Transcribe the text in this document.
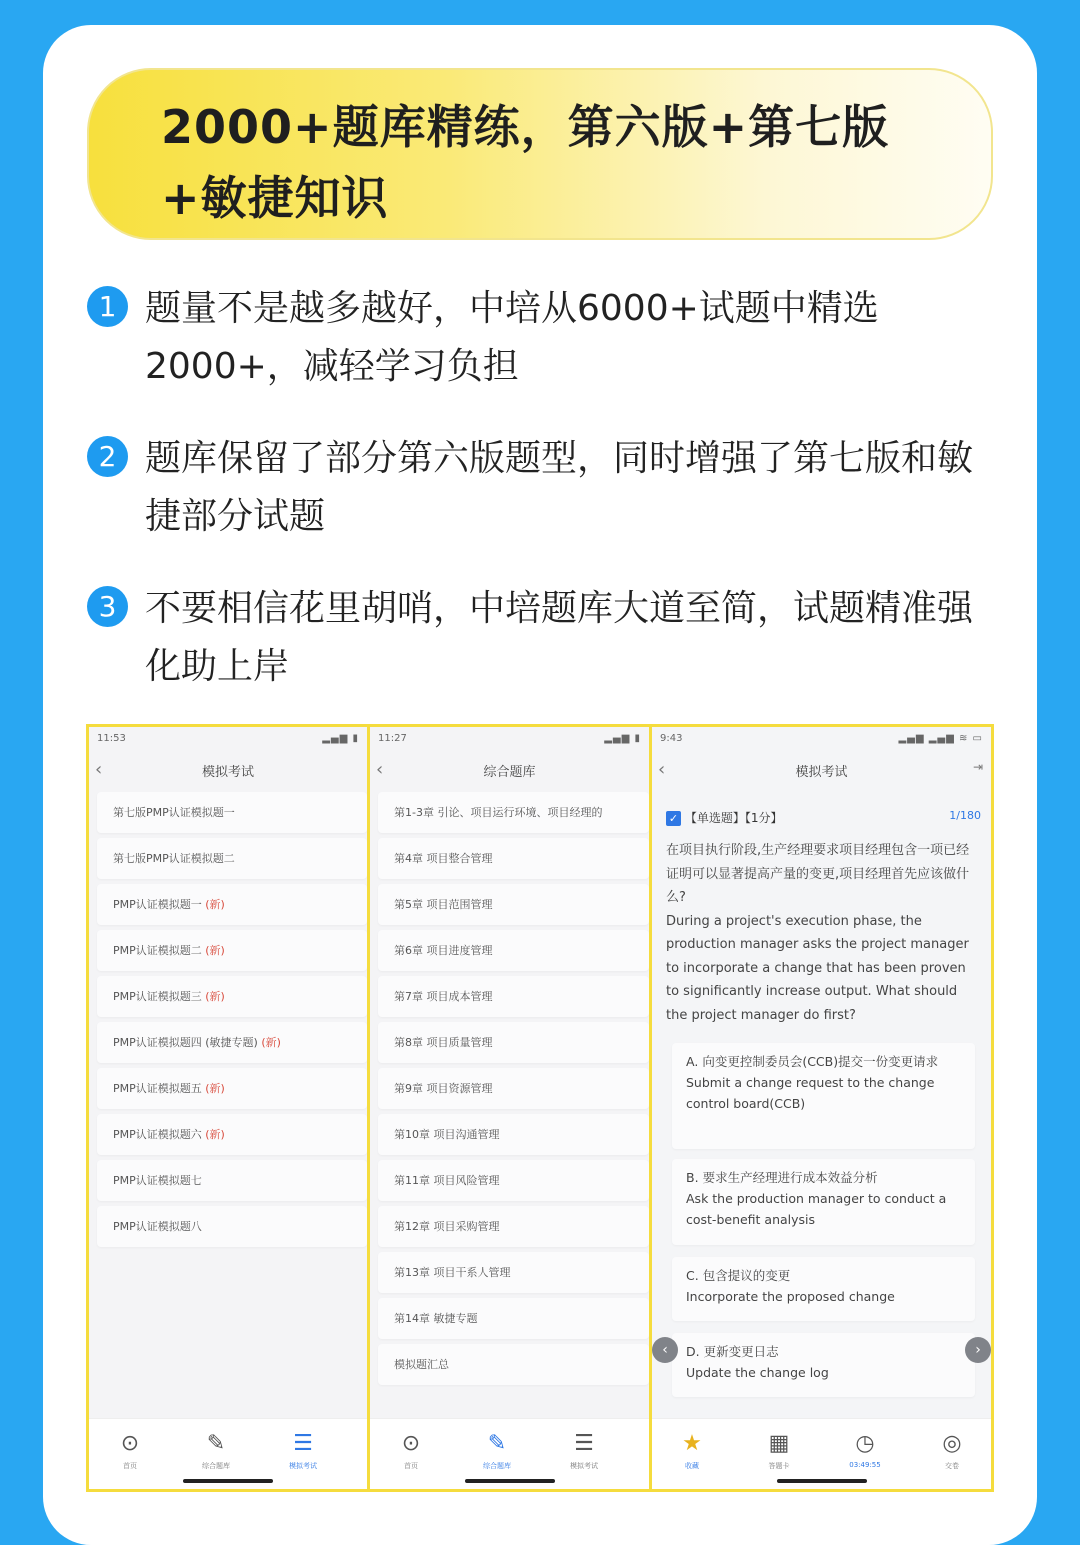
2000+题库精练，第六版+第七版+敏捷知识
1 题量不是越多越好，中培从6000+试题中精选2000+，减轻学习负担
2 题库保留了部分第六版题型，同时增强了第七版和敏捷部分试题
3 不要相信花里胡哨，中培题库大道至简，试题精准强化助上岸
11:53	▂▄▆ ▮
‹	模拟考试
第七版PMP认证模拟题一
第七版PMP认证模拟题二
PMP认证模拟题一 (新)
PMP认证模拟题二 (新)
PMP认证模拟题三 (新)
PMP认证模拟题四 (敏捷专题) (新)
PMP认证模拟题五 (新)
PMP认证模拟题六 (新)
PMP认证模拟题七
PMP认证模拟题八
⊙
首页
✎
综合题库
☰
模拟考试
11:27	▂▄▆ ▮
‹	综合题库
第1-3章 引论、项目运行环境、项目经理的
第4章 项目整合管理
第5章 项目范围管理
第6章 项目进度管理
第7章 项目成本管理
第8章 项目质量管理
第9章 项目资源管理
第10章 项目沟通管理
第11章 项目风险管理
第12章 项目采购管理
第13章 项目干系人管理
第14章 敏捷专题
模拟题汇总
⊙
首页
✎
综合题库
☰
模拟考试
9:43	▂▄▆ ▂▄▆ ≋ ▭
‹	模拟考试	⇥
✓ 【单选题】【1分】	1/180
在项目执行阶段,生产经理要求项目经理包含一项已经证明可以显著提高产量的变更,项目经理首先应该做什么?
During a project's execution phase, the production manager asks the project manager to incorporate a change that has been proven to significantly increase output. What should the project manager do first?
A. 向变更控制委员会(CCB)提交一份变更请求
Submit a change request to the change control board(CCB)
B. 要求生产经理进行成本效益分析
Ask the production manager to conduct a cost-benefit analysis
C. 包含提议的变更
Incorporate the proposed change
D. 更新变更日志
Update the change log
‹	›
★
收藏
▦
答题卡
◷
03:49:55
◎
交卷
